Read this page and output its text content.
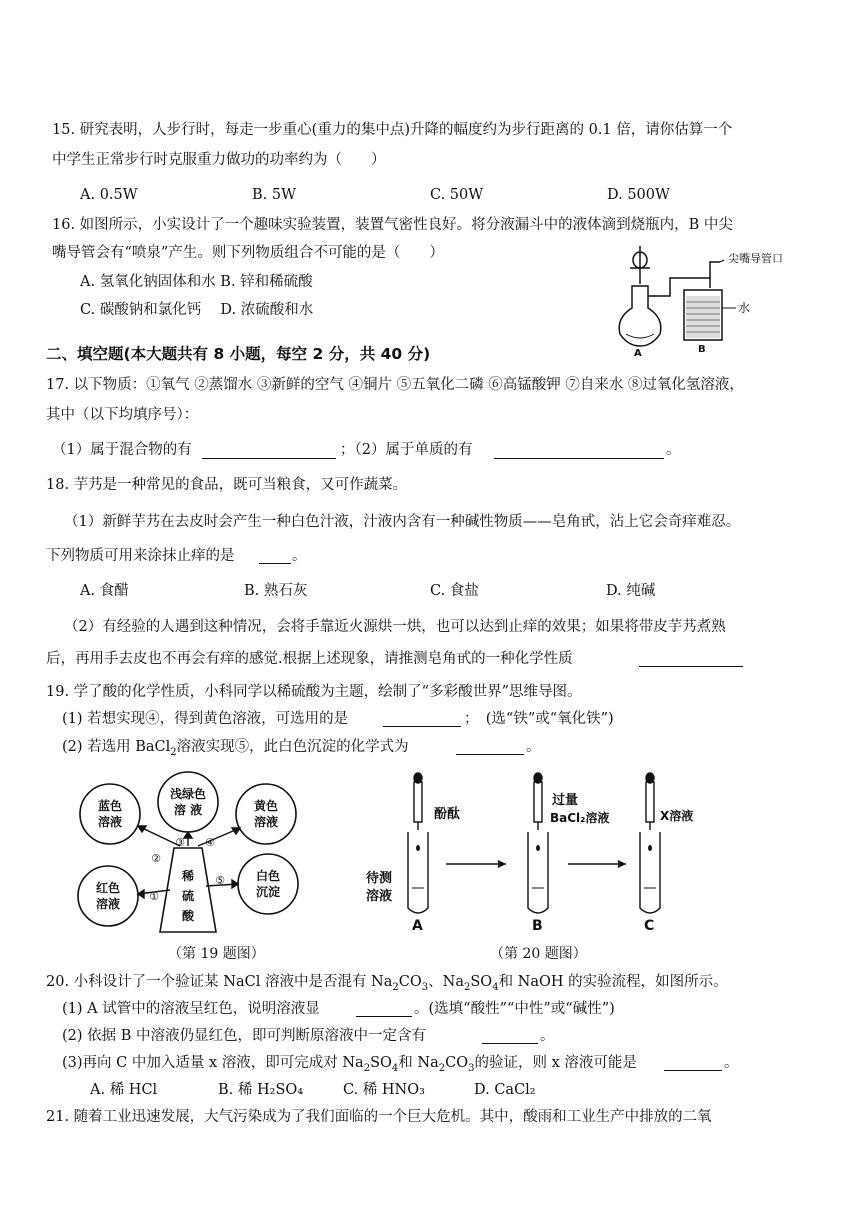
15. 研究表明，人步行时，每走一步重心(重力的集中点)升降的幅度约为步行距离的 0.1 倍，请你估算一个
中学生正常步行时克服重力做功的功率约为（　　）
A. 0.5W	B. 5W	C. 50W	D. 500W
16. 如图所示，小实设计了一个趣味实验装置，装置气密性良好。将分液漏斗中的液体滴到烧瓶内，B 中尖
嘴导管会有“喷泉”产生。则下列物质组合不可能的是（　　）
A. 氢氧化钠固体和水 B. 锌和稀硫酸
C. 碳酸钠和氯化钙　 D. 浓硫酸和水
尖嘴导管口
水
A	B
二、填空题(本大题共有 8 小题，每空 2 分，共 40 分)
17. 以下物质：①氧气 ②蒸馏水 ③新鲜的空气 ④铜片 ⑤五氧化二磷 ⑥高锰酸钾 ⑦自来水 ⑧过氧化氢溶液，
其中（以下均填序号）：
（1）属于混合物的有	；（2）属于单质的有	。
18. 芋艿是一种常见的食品，既可当粮食，又可作蔬菜。
（1）新鲜芋艿在去皮时会产生一种白色汁液，汁液内含有一种碱性物质——皂角甙，沾上它会奇痒难忍。
下列物质可用来涂抹止痒的是	。
A. 食醋	B. 熟石灰	C. 食盐	D. 纯碱
（2）有经验的人遇到这种情况，会将手靠近火源烘一烘，也可以达到止痒的效果；如果将带皮芋艿煮熟
后，再用手去皮也不再会有痒的感觉.根据上述现象，请推测皂角甙的一种化学性质
19. 学了酸的化学性质，小科同学以稀硫酸为主题，绘制了“多彩酸世界”思维导图。
(1) 若想实现④，得到黄色溶液，可选用的是	；　(选“铁”或“氧化铁”)
(2) 若选用 BaCl$_2$溶液实现⑤，此白色沉淀的化学式为	。
蓝色
溶液
浅绿色
溶 液	黄色
溶液
红色
溶液
白色
沉淀
稀
硫
酸
①
②
③ ④
⑤
（第 19 题图）
酚酞
过量
BaCl₂溶液	X溶液
待测
溶液
A	B	C
（第 20 题图）
20. 小科设计了一个验证某 NaCl 溶液中是否混有 $Na_2CO_3$、$Na_2SO_4$和 NaOH 的实验流程，如图所示。
(1) A 试管中的溶液呈红色，说明溶液显	。(选填“酸性”“中性”或“碱性”)
(2) 依据 B 中溶液仍显红色，即可判断原溶液中一定含有	。
(3)再向 C 中加入适量 x 溶液，即可完成对 $Na_2SO_4$和 $Na_2CO_3$的验证，则 x 溶液可能是	。
A. 稀 HCl	B. 稀 H₂SO₄	C. 稀 HNO₃	D. CaCl₂
21. 随着工业迅速发展，大气污染成为了我们面临的一个巨大危机。其中，酸雨和工业生产中排放的二氧
